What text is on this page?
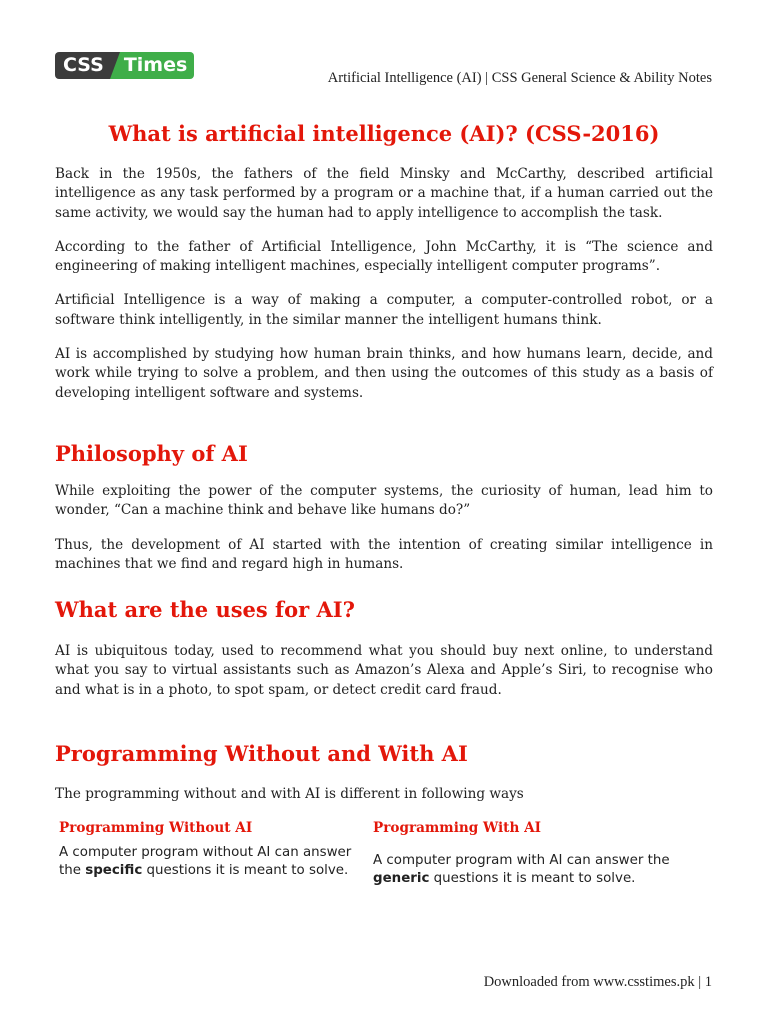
CSS	Times
Artificial Intelligence (AI) | CSS General Science & Ability Notes
What is artificial intelligence (AI)? (CSS-2016)

Back in the 1950s, the fathers of the field Minsky and McCarthy, described artificial intelligence as any task performed by a program or a machine that, if a human carried out the same activity, we would say the human had to apply intelligence to accomplish the task.

According to the father of Artificial Intelligence, John McCarthy, it is “The science and engineering of making intelligent machines, especially intelligent computer programs”.

Artificial Intelligence is a way of making a computer, a computer-controlled robot, or a software think intelligently, in the similar manner the intelligent humans think.

AI is accomplished by studying how human brain thinks, and how humans learn, decide, and work while trying to solve a problem, and then using the outcomes of this study as a basis of developing intelligent software and systems.

Philosophy of AI

While exploiting the power of the computer systems, the curiosity of human, lead him to wonder, “Can a machine think and behave like humans do?”

Thus, the development of AI started with the intention of creating similar intelligence in machines that we find and regard high in humans.

What are the uses for AI?

AI is ubiquitous today, used to recommend what you should buy next online, to understand what you say to virtual assistants such as Amazon’s Alexa and Apple’s Siri, to recognise who and what is in a photo, to spot spam, or detect credit card fraud.

Programming Without and With AI

The programming without and with AI is different in following ways

Programming Without AI
A computer program without AI can answer the specific questions it is meant to solve.
Programming With AI
A computer program with AI can answer the generic questions it is meant to solve.
Downloaded from www.csstimes.pk | 1
